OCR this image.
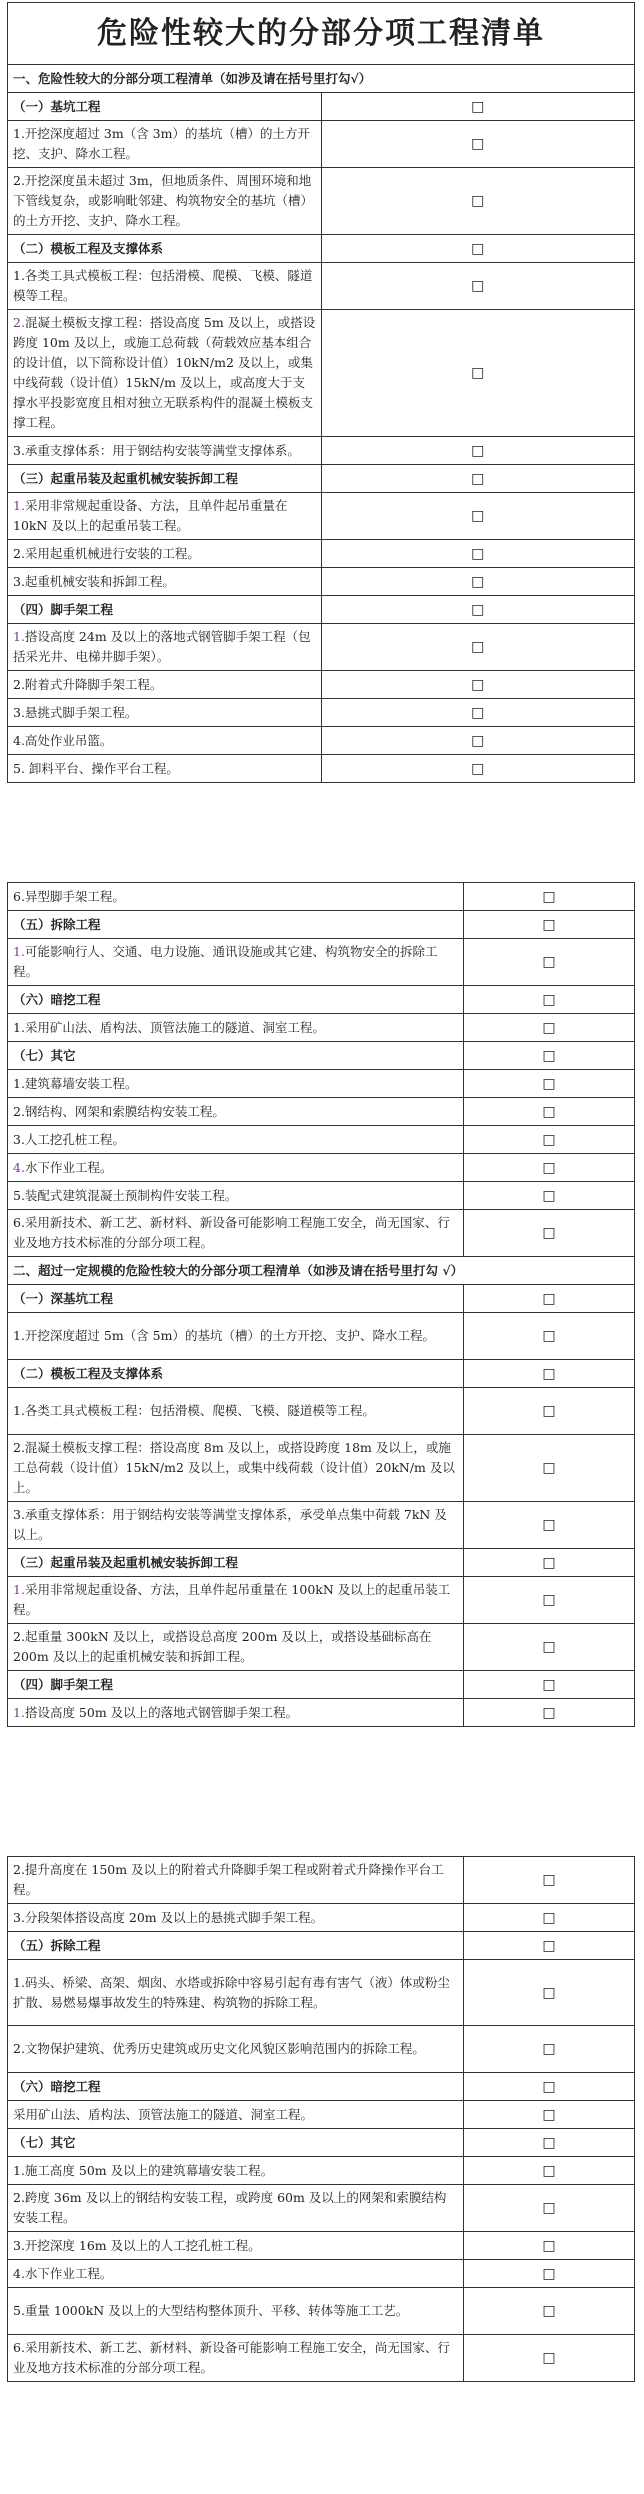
危险性较大的分部分项工程清单	
一、危险性较大的分部分项工程清单（如涉及请在括号里打勾√）	
（一）基坑工程	□
1.开挖深度超过 3m（含 3m）的基坑（槽）的土方开挖、支护、降水工程。	□
2.开挖深度虽未超过 3m，但地质条件、周围环境和地下管线复杂，或影响毗邻建、构筑物安全的基坑（槽）的土方开挖、支护、降水工程。	□
（二）模板工程及支撑体系	□
1.各类工具式模板工程：包括滑模、爬模、飞模、隧道模等工程。	□
2.混凝土模板支撑工程：搭设高度 5m 及以上，或搭设跨度 10m 及以上，或施工总荷载（荷载效应基本组合的设计值，以下简称设计值）10kN/m2 及以上，或集中线荷载（设计值）15kN/m 及以上，或高度大于支撑水平投影宽度且相对独立无联系构件的混凝土模板支撑工程。	□
3.承重支撑体系：用于钢结构安装等满堂支撑体系。	□
（三）起重吊装及起重机械安装拆卸工程	□
1.采用非常规起重设备、方法，且单件起吊重量在 10kN 及以上的起重吊装工程。	□
2.采用起重机械进行安装的工程。	□
3.起重机械安装和拆卸工程。	□
（四）脚手架工程	□
1.搭设高度 24m 及以上的落地式钢管脚手架工程（包括采光井、电梯井脚手架）。	□
2.附着式升降脚手架工程。	□
3.悬挑式脚手架工程。	□
4.高处作业吊篮。	□
5. 卸料平台、操作平台工程。	□
6.异型脚手架工程。	□
（五）拆除工程	□
1.可能影响行人、交通、电力设施、通讯设施或其它建、构筑物安全的拆除工程。	□
（六）暗挖工程	□
1.采用矿山法、盾构法、顶管法施工的隧道、洞室工程。	□
（七）其它	□
1.建筑幕墙安装工程。	□
2.钢结构、网架和索膜结构安装工程。	□
3.人工挖孔桩工程。	□
4.水下作业工程。	□
5.装配式建筑混凝土预制构件安装工程。	□
6.采用新技术、新工艺、新材料、新设备可能影响工程施工安全，尚无国家、行业及地方技术标准的分部分项工程。	□
二、超过一定规模的危险性较大的分部分项工程清单（如涉及请在括号里打勾 √）	
（一）深基坑工程	□
1.开挖深度超过 5m（含 5m）的基坑（槽）的土方开挖、支护、降水工程。	□
（二）模板工程及支撑体系	□
1.各类工具式模板工程：包括滑模、爬模、飞模、隧道模等工程。	□
2.混凝土模板支撑工程：搭设高度 8m 及以上，或搭设跨度 18m 及以上，或施工总荷载（设计值）15kN/m2 及以上，或集中线荷载（设计值）20kN/m 及以上。	□
3.承重支撑体系：用于钢结构安装等满堂支撑体系，承受单点集中荷载 7kN 及以上。	□
（三）起重吊装及起重机械安装拆卸工程	□
1.采用非常规起重设备、方法，且单件起吊重量在 100kN 及以上的起重吊装工程。	□
2.起重量 300kN 及以上，或搭设总高度 200m 及以上，或搭设基础标高在 200m 及以上的起重机械安装和拆卸工程。	□
（四）脚手架工程	□
1.搭设高度 50m 及以上的落地式钢管脚手架工程。	□
2.提升高度在 150m 及以上的附着式升降脚手架工程或附着式升降操作平台工程。	□
3.分段架体搭设高度 20m 及以上的悬挑式脚手架工程。	□
（五）拆除工程	□
1.码头、桥梁、高架、烟囱、水塔或拆除中容易引起有毒有害气（液）体或粉尘扩散、易燃易爆事故发生的特殊建、构筑物的拆除工程。	□
2.文物保护建筑、优秀历史建筑或历史文化风貌区影响范围内的拆除工程。	□
（六）暗挖工程	□
采用矿山法、盾构法、顶管法施工的隧道、洞室工程。	□
（七）其它	□
1.施工高度 50m 及以上的建筑幕墙安装工程。	□
2.跨度 36m 及以上的钢结构安装工程，或跨度 60m 及以上的网架和索膜结构安装工程。	□
3.开挖深度 16m 及以上的人工挖孔桩工程。	□
4.水下作业工程。	□
5.重量 1000kN 及以上的大型结构整体顶升、平移、转体等施工工艺。	□
6.采用新技术、新工艺、新材料、新设备可能影响工程施工安全，尚无国家、行业及地方技术标准的分部分项工程。	□
